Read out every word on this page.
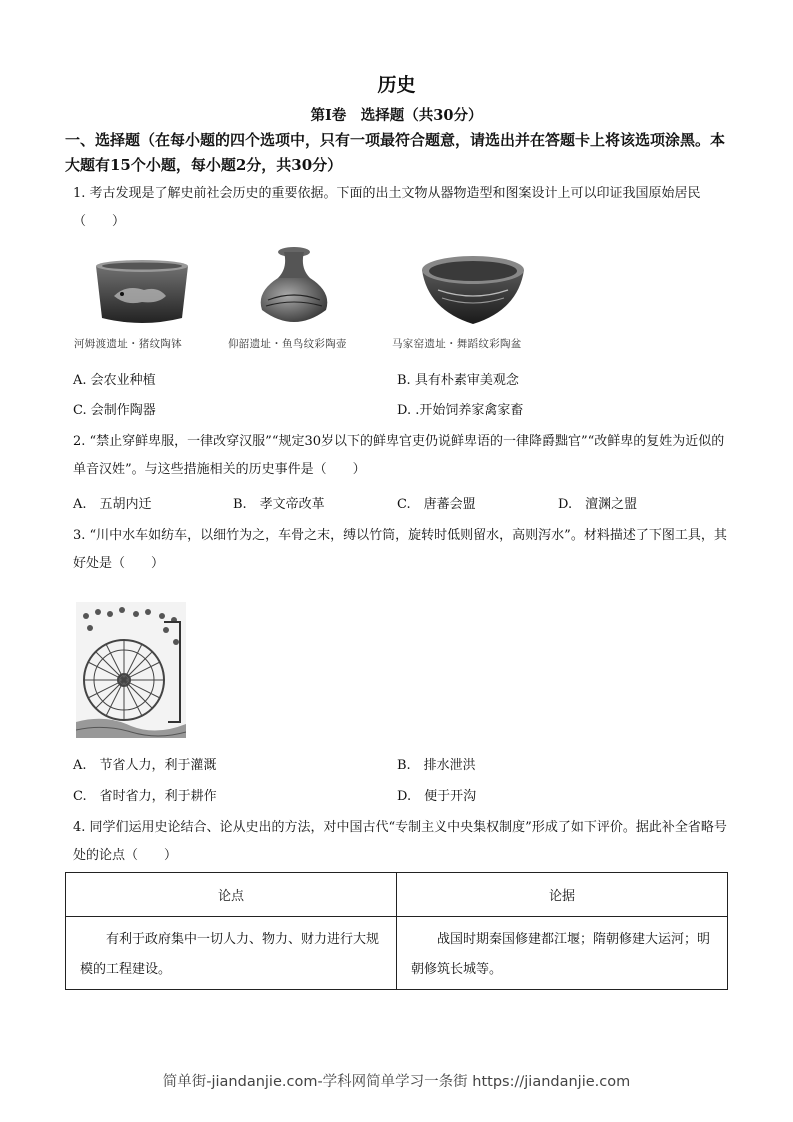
历史
第Ⅰ卷　选择题（共30分）
一、选择题（在每小题的四个选项中，只有一项最符合题意，请选出并在答题卡上将该选项涂黑。本大题有15个小题，每小题2分，共30分）
1. 考古发现是了解史前社会历史的重要依据。下面的出土文物从器物造型和图案设计上可以印证我国原始居民（　　）
河姆渡遗址・猪纹陶钵	仰韶遗址・鱼鸟纹彩陶壶	马家窑遗址・舞蹈纹彩陶盆
A. 会农业种植	B. 具有朴素审美观念
C. 会制作陶器	D. .开始饲养家禽家畜
2. “禁止穿鲜卑服，一律改穿汉服”“规定30岁以下的鲜卑官吏仍说鲜卑语的一律降爵黜官”“改鲜卑的复姓为近似的单音汉姓”。与这些措施相关的历史事件是（　　）
A.　五胡内迁	B.　孝文帝改革	C.　唐蕃会盟	D.　澶渊之盟
3. “川中水车如纺车，以细竹为之，车骨之末，缚以竹筒，旋转时低则留水，高则泻水”。材料描述了下图工具，其好处是（　　）
A.　节省人力，利于灌溉	B.　排水泄洪
C.　省时省力，利于耕作	D.　便于开沟
4. 同学们运用史论结合、论从史出的方法，对中国古代“专制主义中央集权制度”形成了如下评价。据此补全省略号处的论点（　　）
论点	论据
有利于政府集中一切人力、物力、财力进行大规模的工程建设。	战国时期秦国修建都江堰；隋朝修建大运河；明朝修筑长城等。
简单街-jiandanjie.com-学科网简单学习一条街 https://jiandanjie.com
